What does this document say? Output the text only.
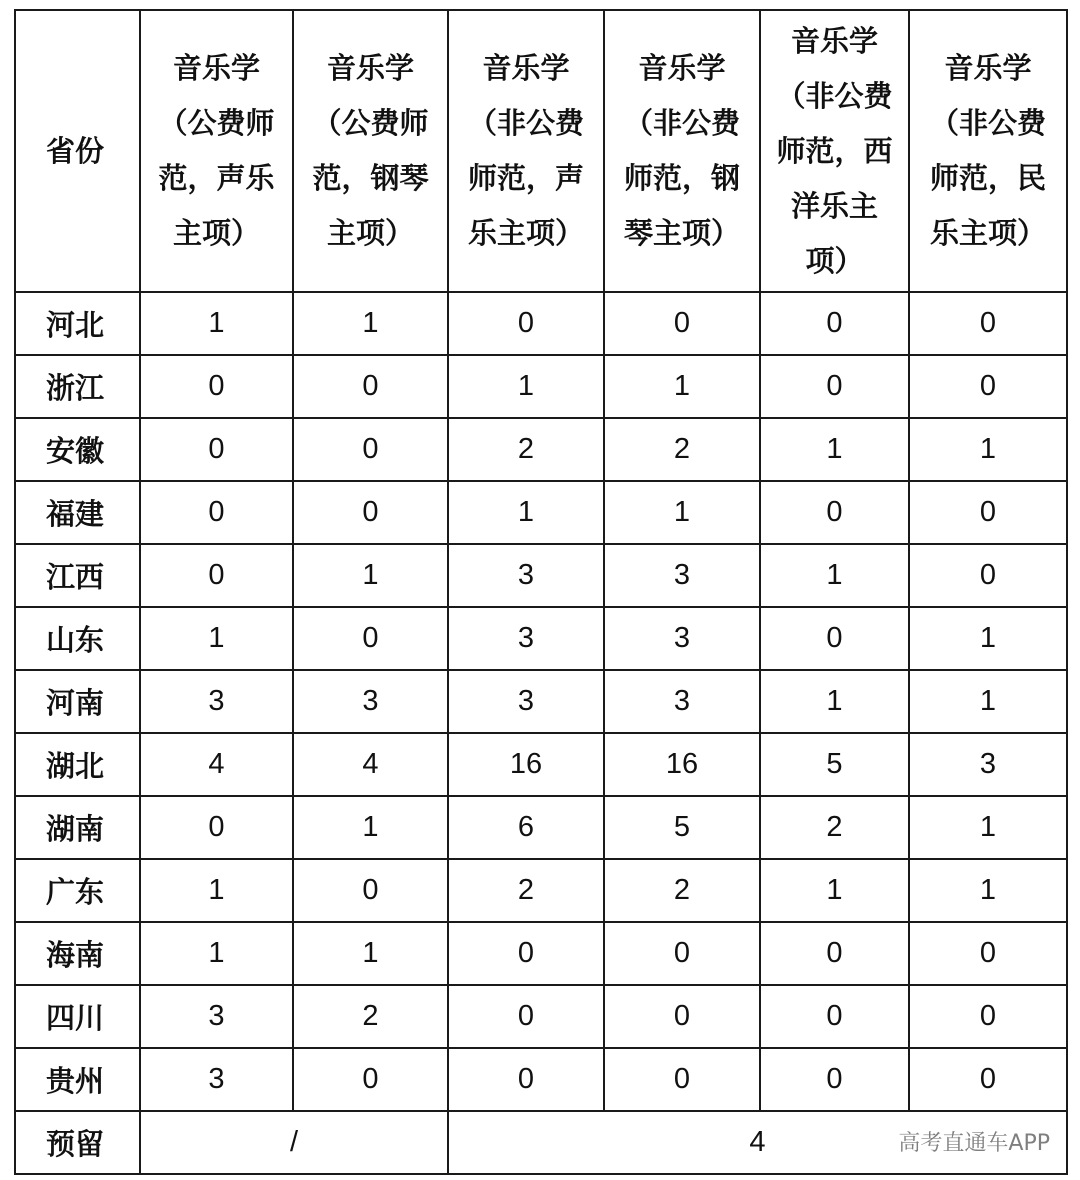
省份	音乐学（公费师范，声乐主项）	音乐学（公费师范，钢琴主项）	音乐学（非公费师范，声乐主项）	音乐学（非公费师范，钢琴主项）	音乐学（非公费师范，西洋乐主项）	音乐学（非公费师范，民乐主项）
河北	1	1	0	0	0	0
浙江	0	0	1	1	0	0
安徽	0	0	2	2	1	1
福建	0	0	1	1	0	0
江西	0	1	3	3	1	0
山东	1	0	3	3	0	1
河南	3	3	3	3	1	1
湖北	4	4	16	16	5	3
湖南	0	1	6	5	2	1
广东	1	0	2	2	1	1
海南	1	1	0	0	0	0
四川	3	2	0	0	0	0
贵州	3	0	0	0	0	0
预留	/		4				高考直通车APP
